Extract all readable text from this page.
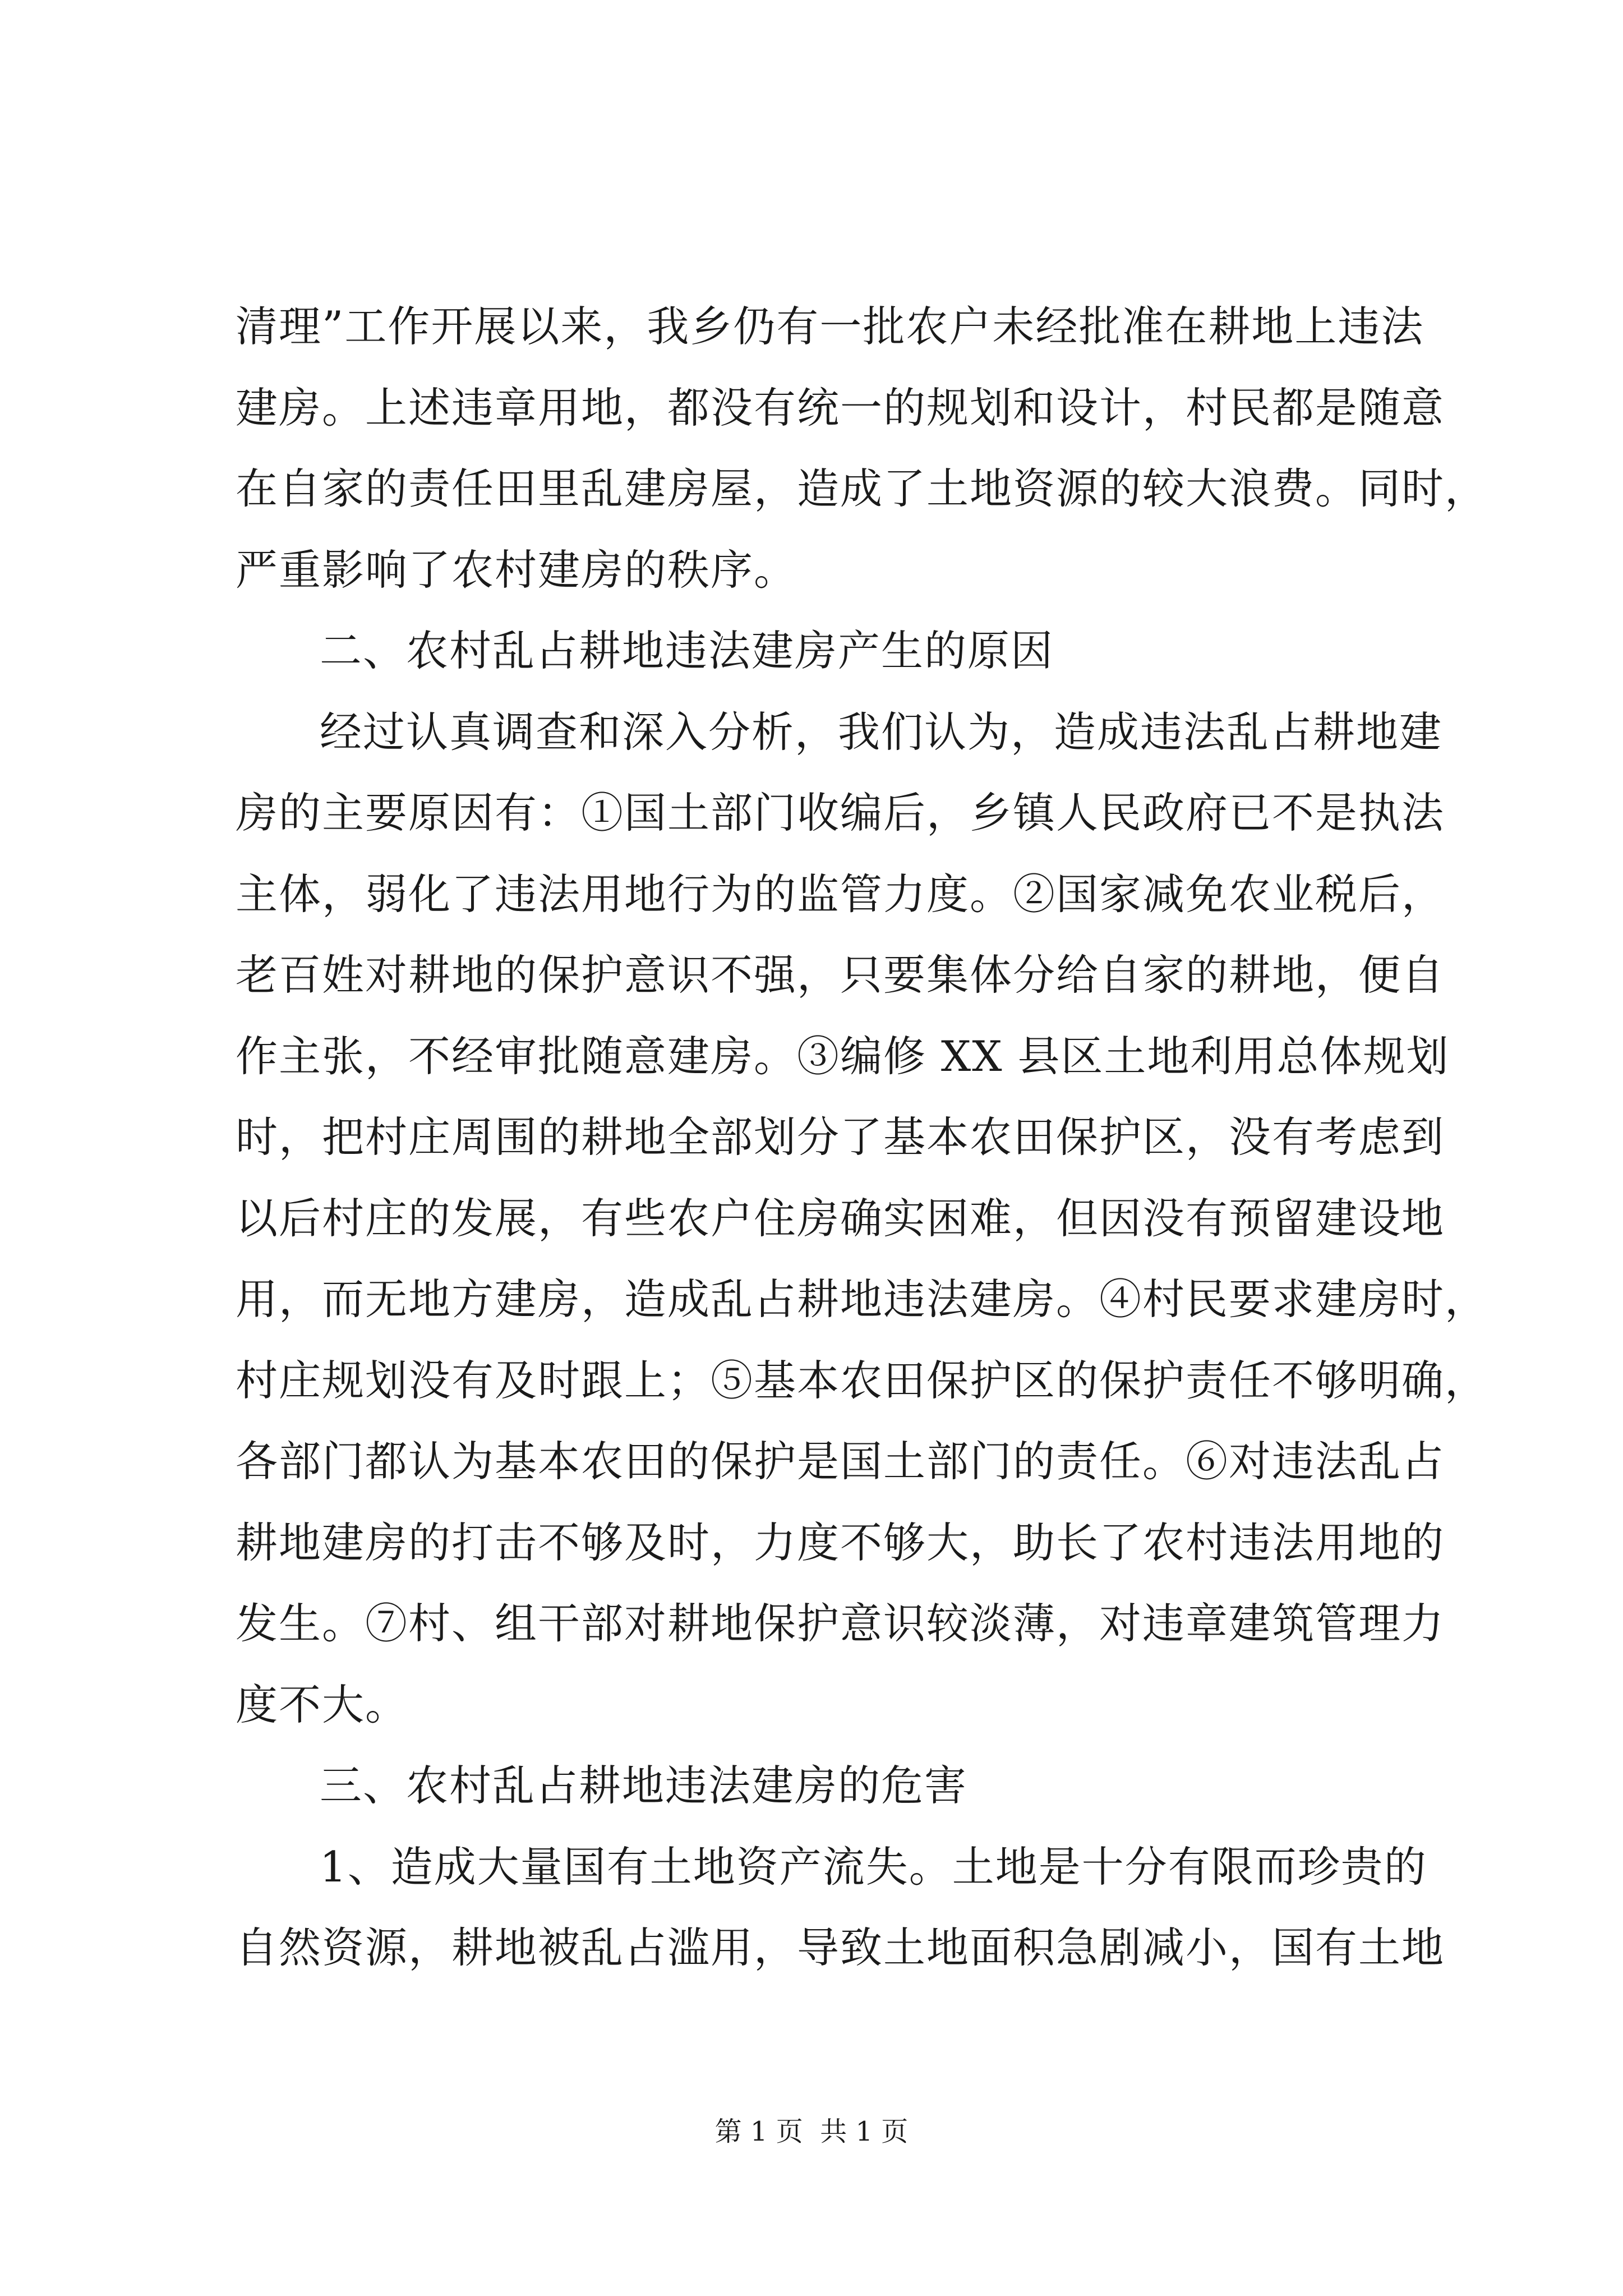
清理”工作开展以来，我乡仍有一批农户未经批准在耕地上违法
建房。上述违章用地，都没有统一的规划和设计，村民都是随意
在自家的责任田里乱建房屋，造成了土地资源的较大浪费。同时，
严重影响了农村建房的秩序。
二、农村乱占耕地违法建房产生的原因
经过认真调查和深入分析，我们认为，造成违法乱占耕地建
房的主要原因有：①国土部门收编后，乡镇人民政府已不是执法
主体，弱化了违法用地行为的监管力度。②国家减免农业税后，
老百姓对耕地的保护意识不强，只要集体分给自家的耕地，便自
作主张，不经审批随意建房。③编修 XX 县区土地利用总体规划
时，把村庄周围的耕地全部划分了基本农田保护区，没有考虑到
以后村庄的发展，有些农户住房确实困难，但因没有预留建设地
用，而无地方建房，造成乱占耕地违法建房。④村民要求建房时，
村庄规划没有及时跟上；⑤基本农田保护区的保护责任不够明确，
各部门都认为基本农田的保护是国土部门的责任。⑥对违法乱占
耕地建房的打击不够及时，力度不够大，助长了农村违法用地的
发生。⑦村、组干部对耕地保护意识较淡薄，对违章建筑管理力
度不大。
三、农村乱占耕地违法建房的危害
1、造成大量国有土地资产流失。土地是十分有限而珍贵的
自然资源，耕地被乱占滥用，导致土地面积急剧减小，国有土地
第 1 页  共 1 页
